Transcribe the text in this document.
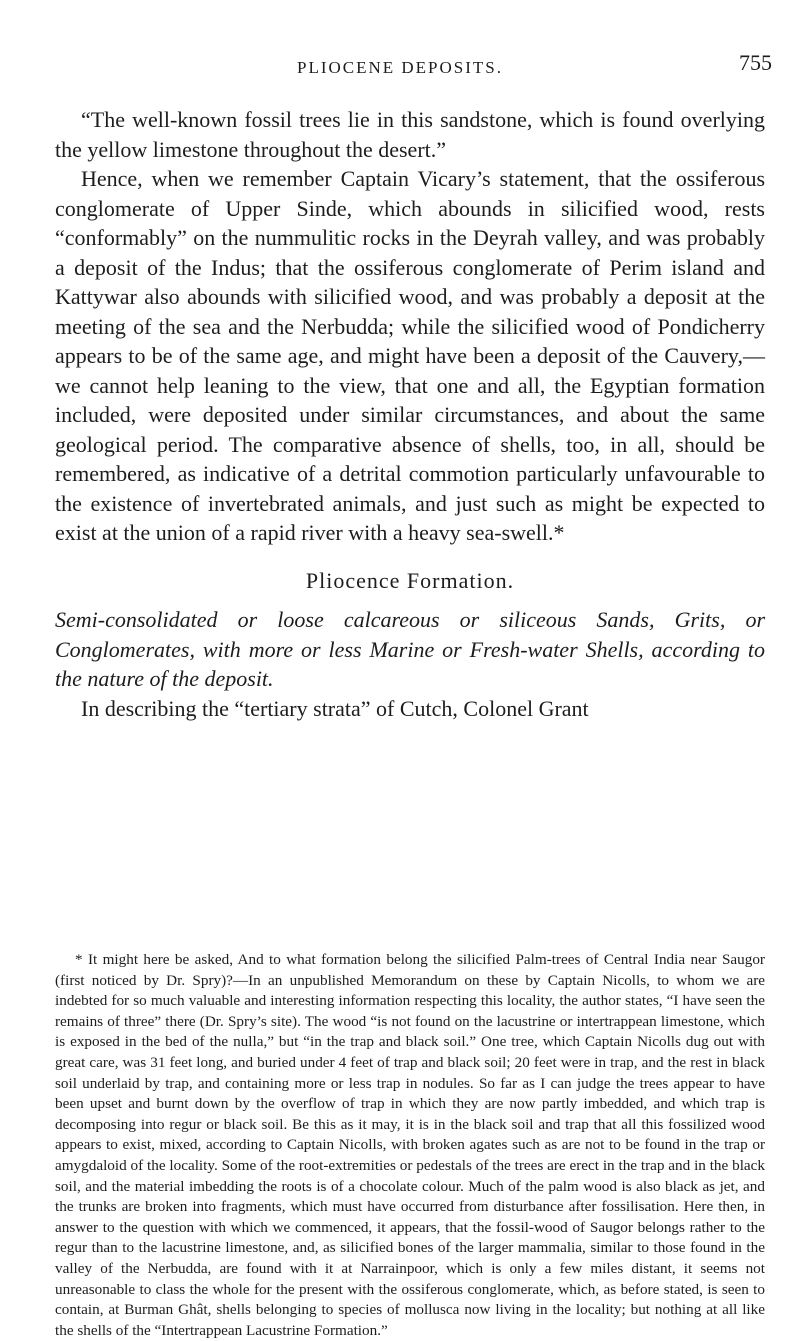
PLIOCENE DEPOSITS.	755

“The well-known fossil trees lie in this sandstone, which is found overlying the yellow limestone throughout the desert.”

Hence, when we remember Captain Vicary’s statement, that the ossiferous conglomerate of Upper Sinde, which abounds in silicified wood, rests “conformably” on the nummulitic rocks in the Deyrah valley, and was probably a deposit of the Indus; that the ossiferous conglomerate of Perim island and Kattywar also abounds with silicified wood, and was probably a deposit at the meeting of the sea and the Nerbudda; while the silicified wood of Pondicherry appears to be of the same age, and might have been a deposit of the Cauvery,—we cannot help leaning to the view, that one and all, the Egyptian formation included, were deposited under similar circumstances, and about the same geological period. The comparative absence of shells, too, in all, should be remembered, as indicative of a detrital commotion particularly unfavourable to the existence of invertebrated animals, and just such as might be expected to exist at the union of a rapid river with a heavy sea-swell.*

Pliocence Formation.

Semi-consolidated or loose calcareous or siliceous Sands, Grits, or Conglomerates, with more or less Marine or Fresh-water Shells, according to the nature of the deposit.

In describing the “tertiary strata” of Cutch, Colonel Grant

* It might here be asked, And to what formation belong the silicified Palm-trees of Central India near Saugor (first noticed by Dr. Spry)?—In an unpublished Memorandum on these by Captain Nicolls, to whom we are indebted for so much valuable and interesting information respecting this locality, the author states, “I have seen the remains of three” there (Dr. Spry’s site). The wood “is not found on the lacustrine or intertrappean limestone, which is exposed in the bed of the nulla,” but “in the trap and black soil.” One tree, which Captain Nicolls dug out with great care, was 31 feet long, and buried under 4 feet of trap and black soil; 20 feet were in trap, and the rest in black soil underlaid by trap, and containing more or less trap in nodules. So far as I can judge the trees appear to have been upset and burnt down by the overflow of trap in which they are now partly imbedded, and which trap is decomposing into regur or black soil. Be this as it may, it is in the black soil and trap that all this fossilized wood appears to exist, mixed, according to Captain Nicolls, with broken agates such as are not to be found in the trap or amygdaloid of the locality. Some of the root-extremities or pedestals of the trees are erect in the trap and in the black soil, and the material imbedding the roots is of a chocolate colour. Much of the palm wood is also black as jet, and the trunks are broken into fragments, which must have occurred from disturbance after fossilisation. Here then, in answer to the question with which we commenced, it appears, that the fossil-wood of Saugor belongs rather to the regur than to the lacustrine limestone, and, as silicified bones of the larger mammalia, similar to those found in the valley of the Nerbudda, are found with it at Narrainpoor, which is only a few miles distant, it seems not unreasonable to class the whole for the present with the ossiferous conglomerate, which, as before stated, is seen to contain, at Burman Ghât, shells belonging to species of mollusca now living in the locality; but nothing at all like the shells of the “Intertrappean Lacustrine Formation.”
